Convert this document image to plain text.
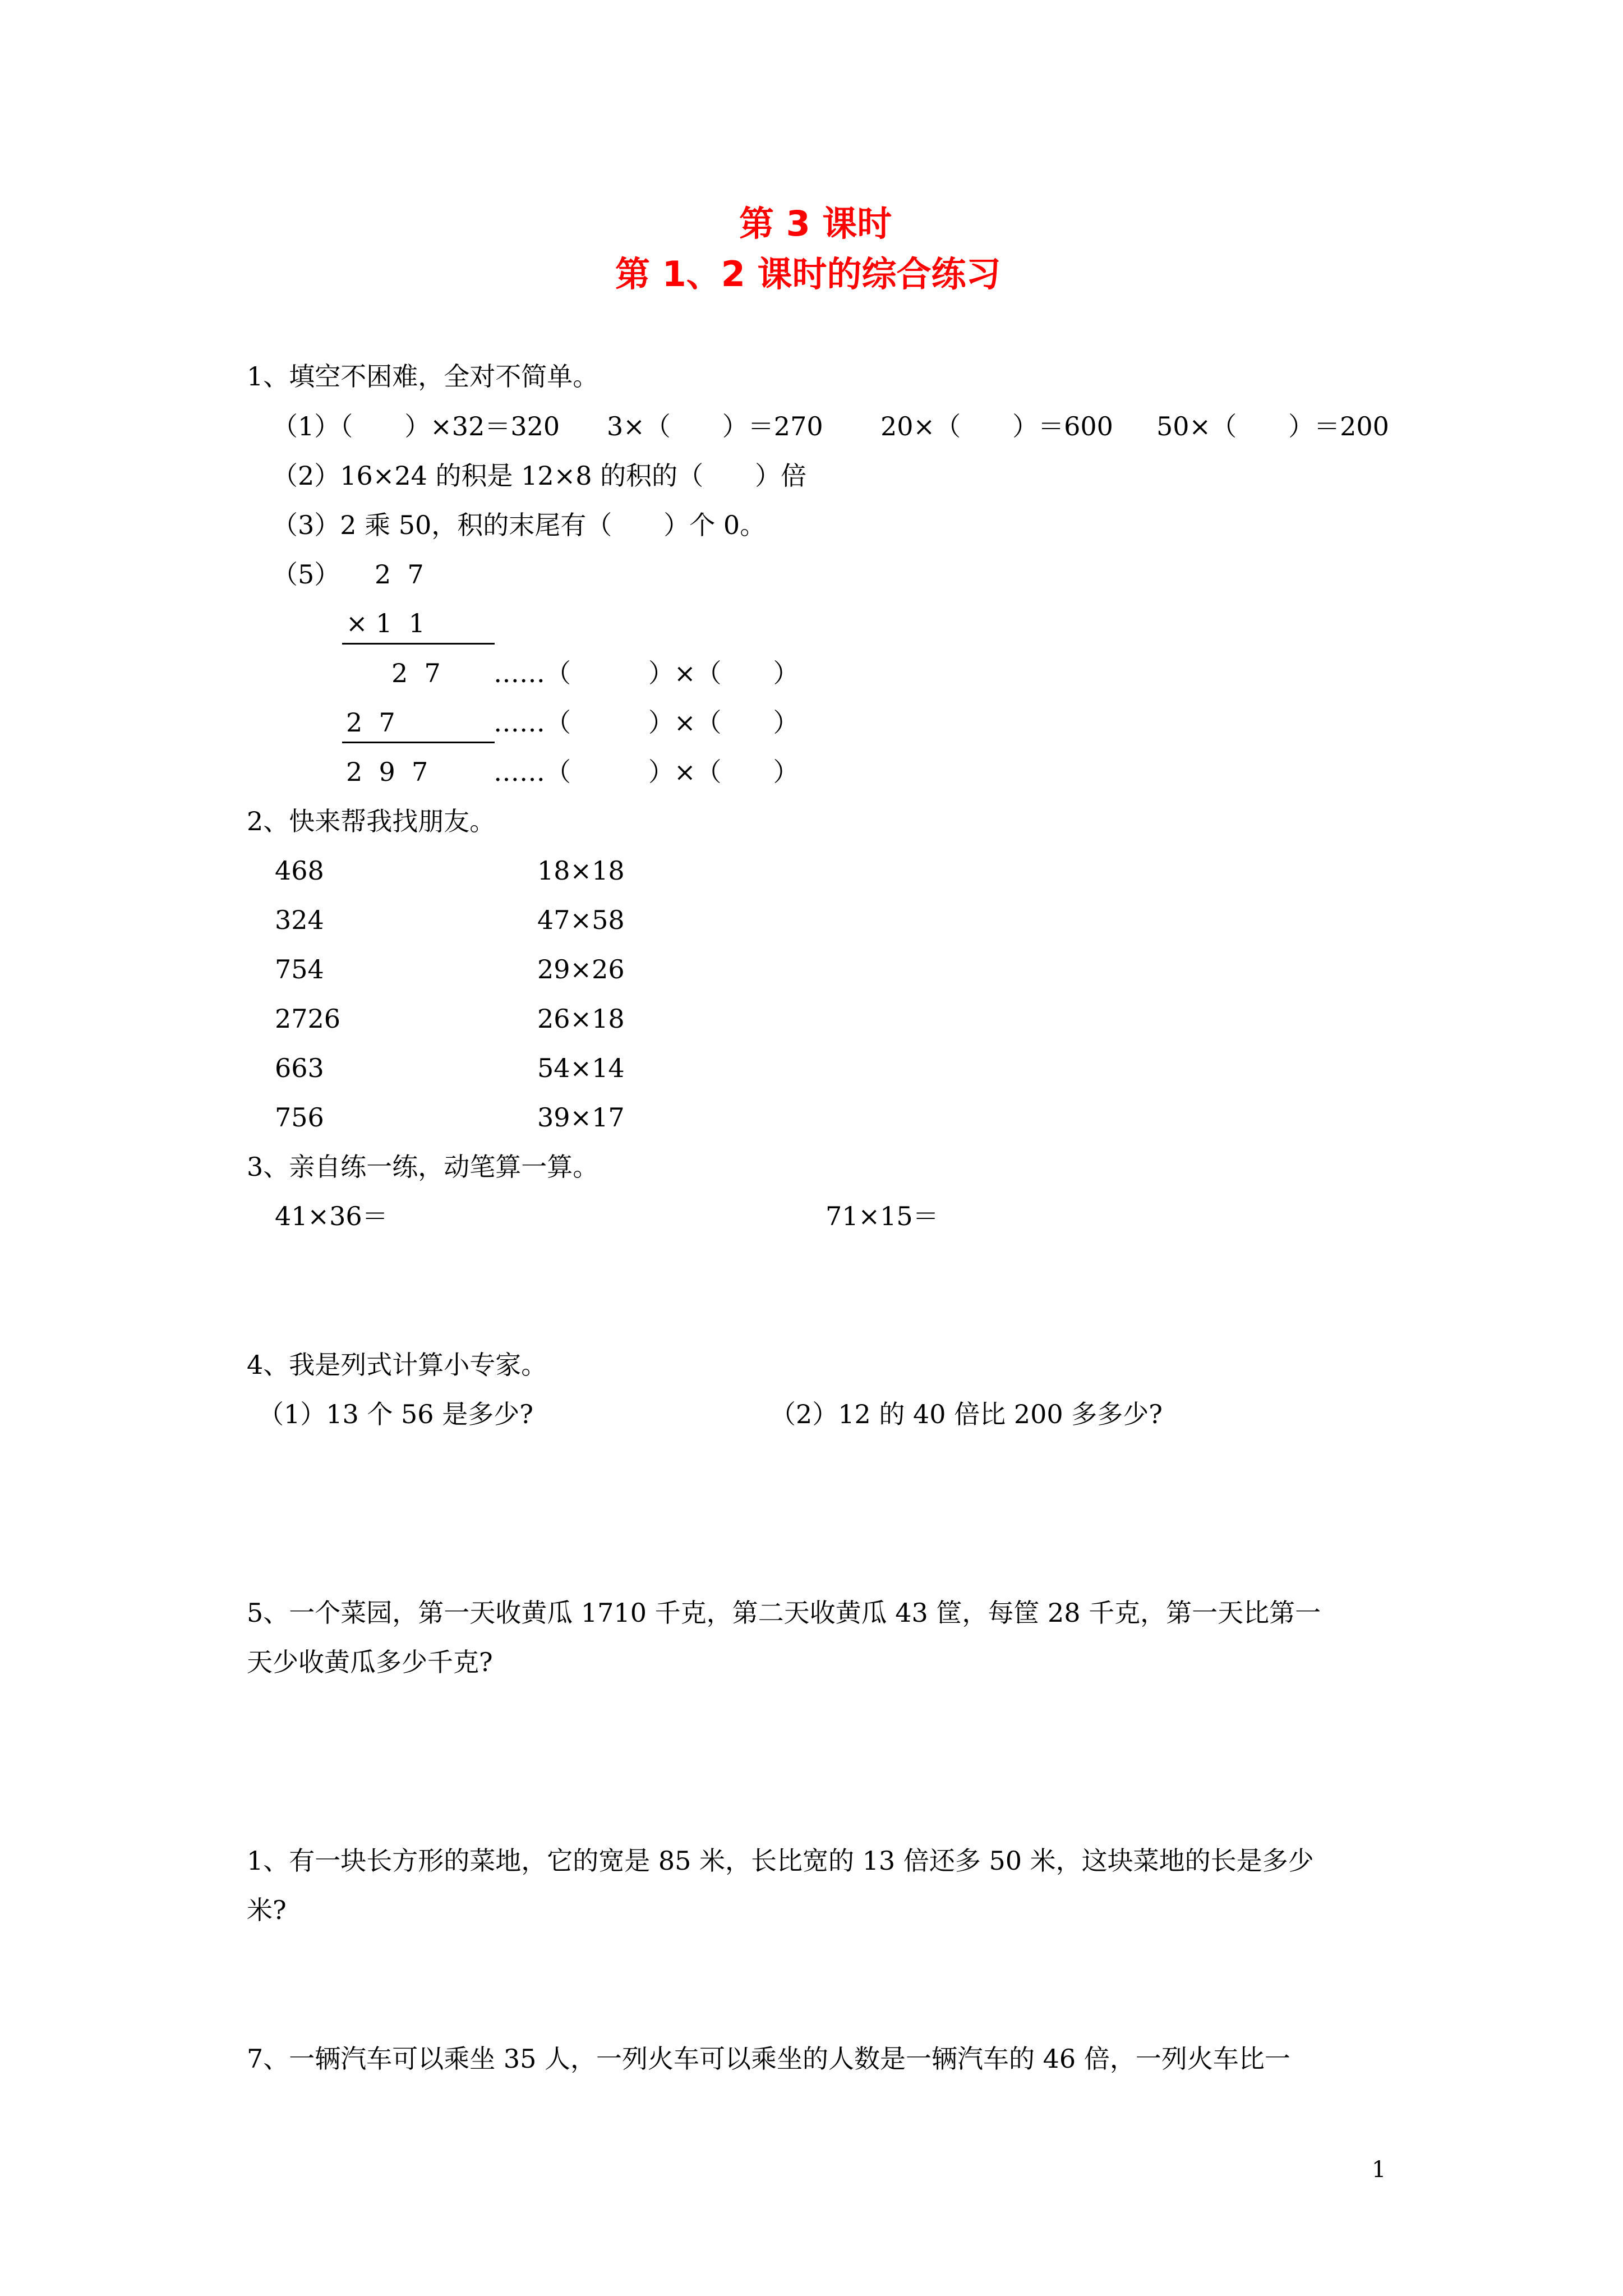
第 3 课时
第 1、2 课时的综合练习
1、填空不困难，全对不简单。
（1）（　　）×32＝320 3×（　　）＝270 20×（　　）＝600 50×（　　）＝200
（2）16×24 的积是 12×8 的积的（　　）倍
（3）2 乘 50，积的末尾有（　　）个 0。
（5） 2  7
× 1  1
2  7 ……（　　　）×（　　）
2  7	……（　　　）×（　　）
2  9  7	……（　　　）×（　　）
2、快来帮我找朋友。
468	18×18
324	47×58
754	29×26
2726	26×18
663	54×14
756	39×17
3、亲自练一练，动笔算一算。
41×36＝	71×15＝
4、我是列式计算小专家。
（1）13 个 56 是多少?	（2）12 的 40 倍比 200 多多少?
5、一个菜园，第一天收黄瓜 1710 千克，第二天收黄瓜 43 筐，每筐 28 千克，第一天比第一
天少收黄瓜多少千克?
1、有一块长方形的菜地，它的宽是 85 米，长比宽的 13 倍还多 50 米，这块菜地的长是多少
米?
7、一辆汽车可以乘坐 35 人，一列火车可以乘坐的人数是一辆汽车的 46 倍，一列火车比一
1
